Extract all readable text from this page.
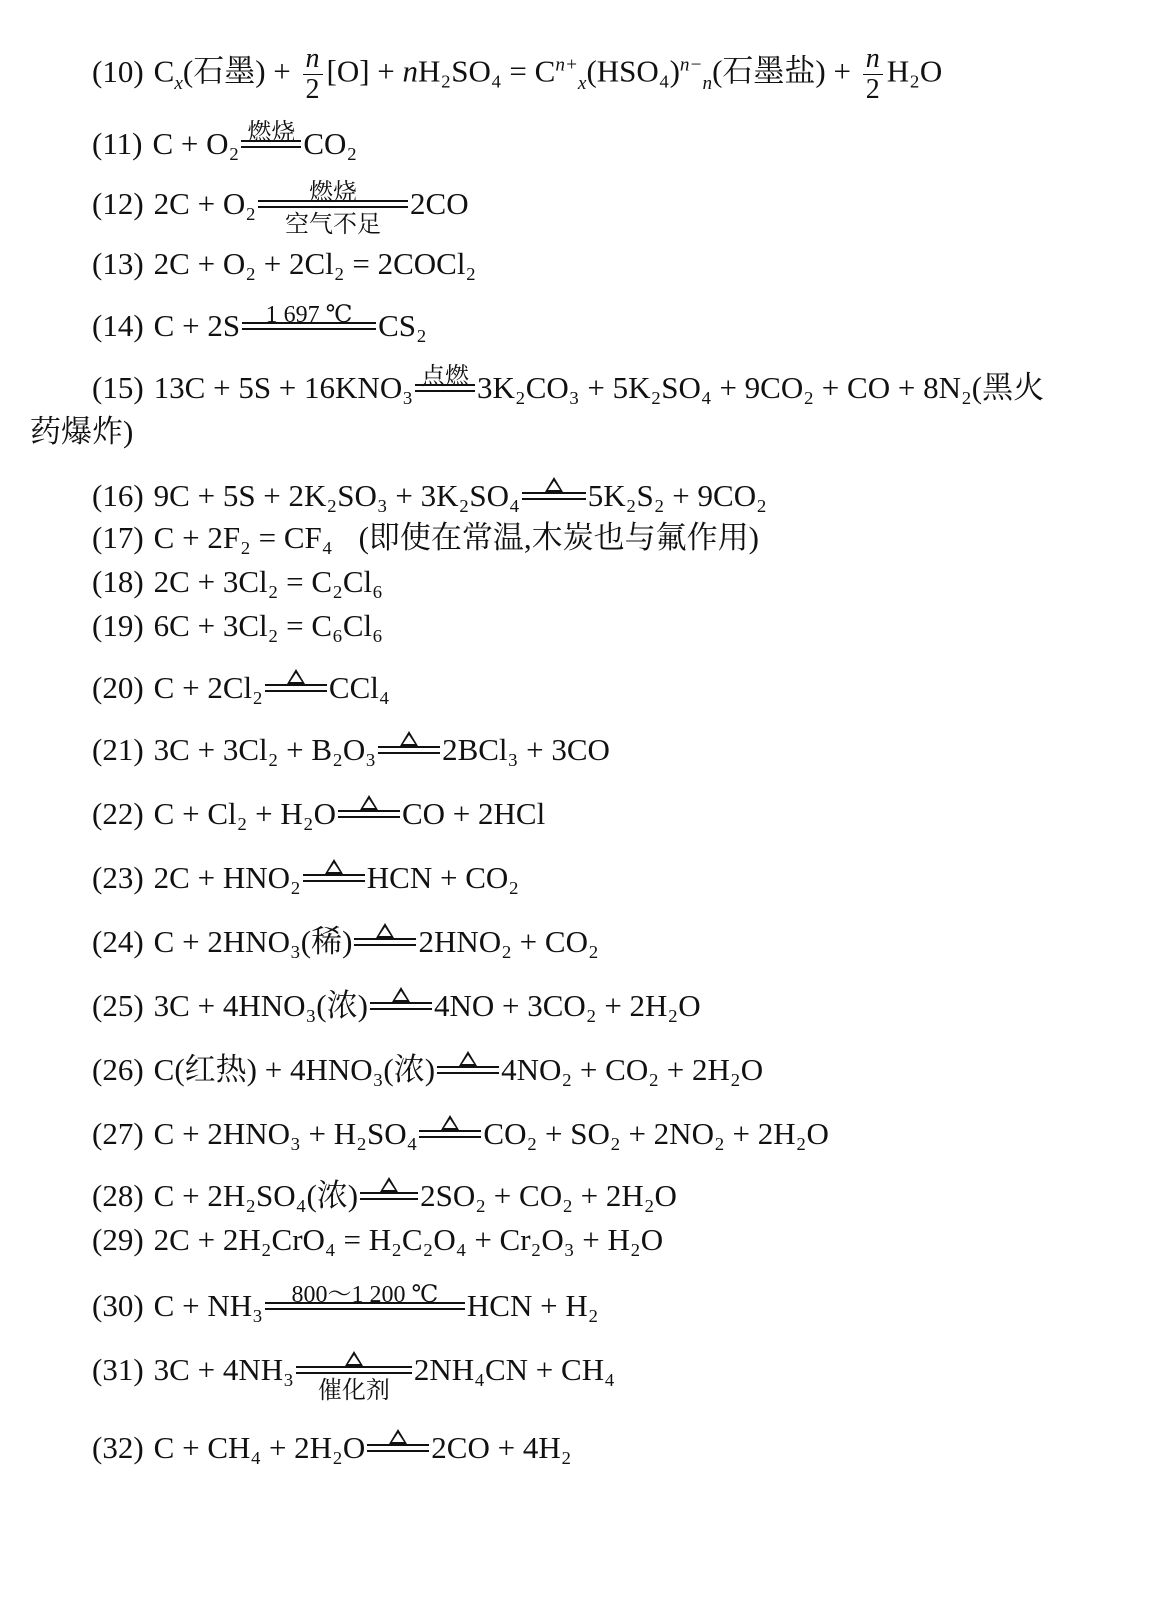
(10) $C_x$(石墨) + $\frac{n}{2} [O] + nH_2SO_4 = C^{n+}_x(HSO_4)^{n-}_n$(石墨盐) + $\frac{n}{2} H_2O$
(11) C + O₂ 燃烧 CO₂
(12) 2C + O₂	燃烧
空气不足
2CO
(13) 2C + O₂ + 2Cl₂ = 2COCl₂
(14) C + 2S	1 697 ℃ CS₂
(15) 13C + 5S + 16KNO₃ 点燃 3K₂CO₃ + 5K₂SO₄ + 9CO₂ + CO + 8N₂(黑火
药爆炸)
(16) 9C + 5S + 2K₂SO₃ + 3K₂SO₄ 5K₂S₂ + 9CO₂
(17) C + 2F₂ = CF₄ (即使在常温,木炭也与氟作用)
(18) 2C + 3Cl₂ = C₂Cl₆
(19) 6C + 3Cl₂ = C₆Cl₆
(20) C + 2Cl₂ CCl₄
(21) 3C + 3Cl₂ + B₂O₃ 2BCl₃ + 3CO
(22) C + Cl₂ + H₂O CO + 2HCl
(23) 2C + HNO₂ HCN + CO₂
(24) C + 2HNO₃(稀) 2HNO₂ + CO₂
(25) 3C + 4HNO₃(浓) 4NO + 3CO₂ + 2H₂O
(26) C(红热) + 4HNO₃(浓) 4NO₂ + CO₂ + 2H₂O
(27) C + 2HNO₃ + H₂SO₄ CO₂ + SO₂ + 2NO₂ + 2H₂O
(28) C + 2H₂SO₄(浓) 2SO₂ + CO₂ + 2H₂O
(29) 2C + 2H₂CrO₄ = H₂C₂O₄ + Cr₂O₃ + H₂O
(30) C + NH₃	800～1 200 ℃ HCN + H₂
(31) 3C + 4NH₃
催化剂
2NH₄CN + CH₄
(32) C + CH₄ + 2H₂O 2CO + 4H₂
